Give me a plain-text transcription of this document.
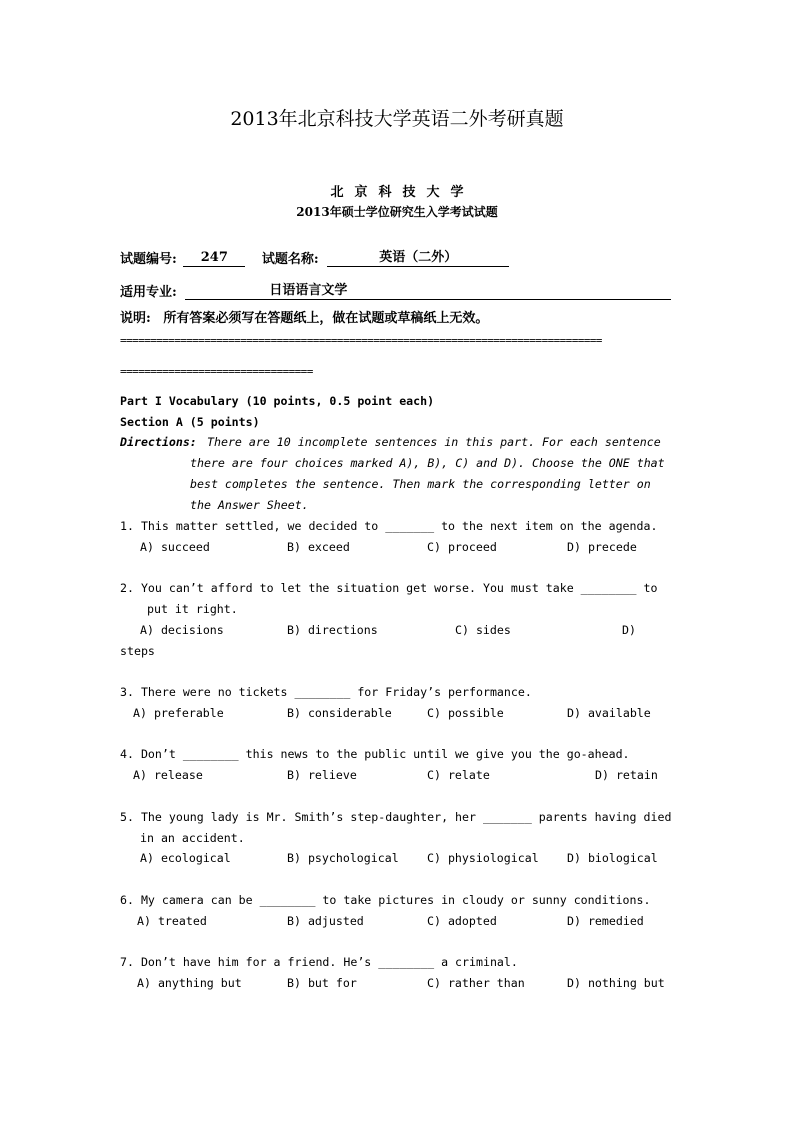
2013年北京科技大学英语二外考研真题
北京科技大学
2013年硕士学位研究生入学考试试题
试题编号: 247	试题名称:	英语（二外）
适用专业:	日语语言文学
说明: 所有答案必须写在答题纸上，做在试题或草稿纸上无效。
================================================================================
================================
Part I Vocabulary (10 points, 0.5 point each)
Section A (5 points)
Directions: There are 10 incomplete sentences in this part. For each sentence
there are four choices marked A), B), C) and D). Choose the ONE that
best completes the sentence. Then mark the corresponding letter on
the Answer Sheet.
1. This matter settled, we decided to _______ to the next item on the agenda.
A) succeed	B) exceed	C) proceed	D) precede
2. You can’t afford to let the situation get worse. You must take ________ to
put it right.
A) decisions	B) directions	C) sides	D)
steps
3. There were no tickets ________ for Friday’s performance.
A) preferable	B) considerable	C) possible	D) available
4. Don’t ________ this news to the public until we give you the go-ahead.
A) release	B) relieve	C) relate	D) retain
5. The young lady is Mr. Smith’s step-daughter, her _______ parents having died
in an accident.
A) ecological	B) psychological C) physiological D) biological
6. My camera can be ________ to take pictures in cloudy or sunny conditions.
A) treated	B) adjusted	C) adopted	D) remedied
7. Don’t have him for a friend. He’s ________ a criminal.
A) anything but	B) but for	C) rather than	D) nothing but
